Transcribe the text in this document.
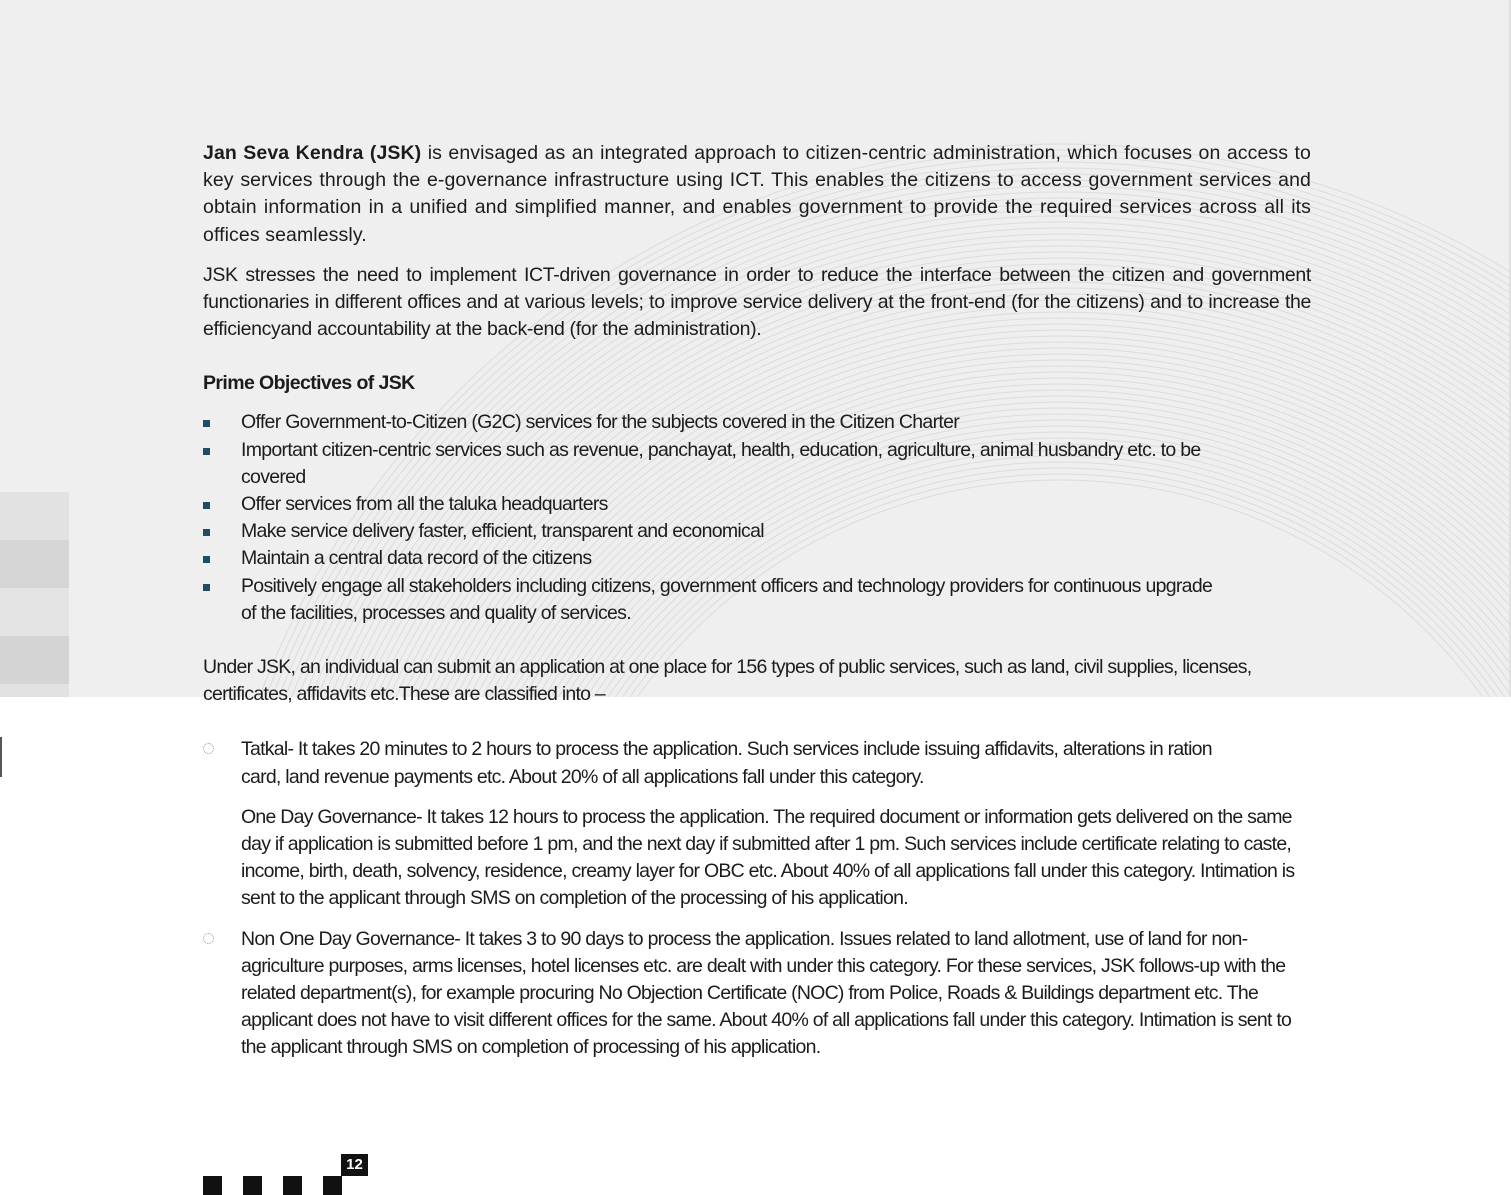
Jan Seva Kendra (JSK) is envisaged as an integrated approach to citizen-centric administration, which focuses on access to key services through the e-governance infrastructure using ICT. This enables the citizens to access government services and obtain information in a unified and simplified manner, and enables government to provide the required services across all its offices seamlessly.

JSK stresses the need to implement ICT-driven governance in order to reduce the interface between the citizen and government functionaries in different offices and at various levels; to improve service delivery at the front-end (for the citizens) and to increase the efficiencyand accountability at the back-end (for the administration).

Prime Objectives of JSK
Offer Government-to-Citizen (G2C) services for the subjects covered in the Citizen Charter
Important citizen-centric services such as revenue, panchayat, health, education, agriculture, animal husbandry etc. to be covered
Offer services from all the taluka headquarters
Make service delivery faster, efficient, transparent and economical
Maintain a central data record of the citizens
Positively engage all stakeholders including citizens, government officers and technology providers for continuous upgrade of the facilities, processes and quality of services.

Under JSK, an individual can submit an application at one place for 156 types of public services, such as land, civil supplies, licenses, certificates, affidavits etc.These are classified into –

Tatkal- It takes 20 minutes to 2 hours to process the application. Such services include issuing affidavits, alterations in ration card, land revenue payments etc. About 20% of all applications fall under this category.

One Day Governance- It takes 12 hours to process the application. The required document or information gets delivered on the same day if application is submitted before 1 pm, and the next day if submitted after 1 pm. Such services include certificate relating to caste, income, birth, death, solvency, residence, creamy layer for OBC etc. About 40% of all applications fall under this category. Intimation is sent to the applicant through SMS on completion of the processing of his application.

Non One Day Governance- It takes 3 to 90 days to process the application. Issues related to land allotment, use of land for non-agriculture purposes, arms licenses, hotel licenses etc. are dealt with under this category. For these services, JSK follows-up with the related department(s), for example procuring No Objection Certificate (NOC) from Police, Roads & Buildings department etc. The applicant does not have to visit different offices for the same. About 40% of all applications fall under this category. Intimation is sent to the applicant through SMS on completion of processing of his application.

12
